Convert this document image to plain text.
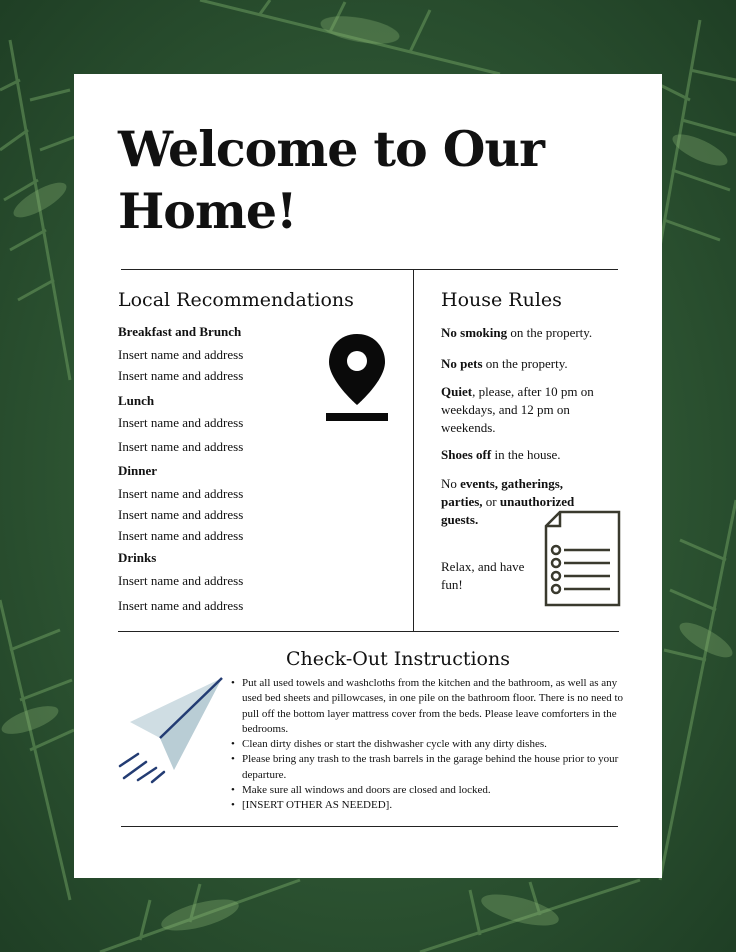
Welcome to Our Home!
Local Recommendations
Breakfast and Brunch
Insert name and address
Insert name and address
Lunch
Insert name and address
Insert name and address
Dinner
Insert name and address
Insert name and address
Insert name and address
Drinks
Insert name and address
Insert name and address
House Rules

No smoking on the property.

No pets on the property.

Quiet, please, after 10 pm on weekdays, and 12 pm on weekends.

Shoes off in the house.

No events, gatherings, parties, or unauthorized guests.

Relax, and have fun!

Check-Out Instructions
• Put all used towels and washcloths from the kitchen and the bathroom, as well as any used bed sheets and pillowcases, in one pile on the bathroom floor. There is no need to pull off the bottom layer mattress cover from the beds. Please leave comforters in the bedrooms.
• Clean dirty dishes or start the dishwasher cycle with any dirty dishes.
• Please bring any trash to the trash barrels in the garage behind the house prior to your departure.
• Make sure all windows and doors are closed and locked.
• [INSERT OTHER AS NEEDED].
